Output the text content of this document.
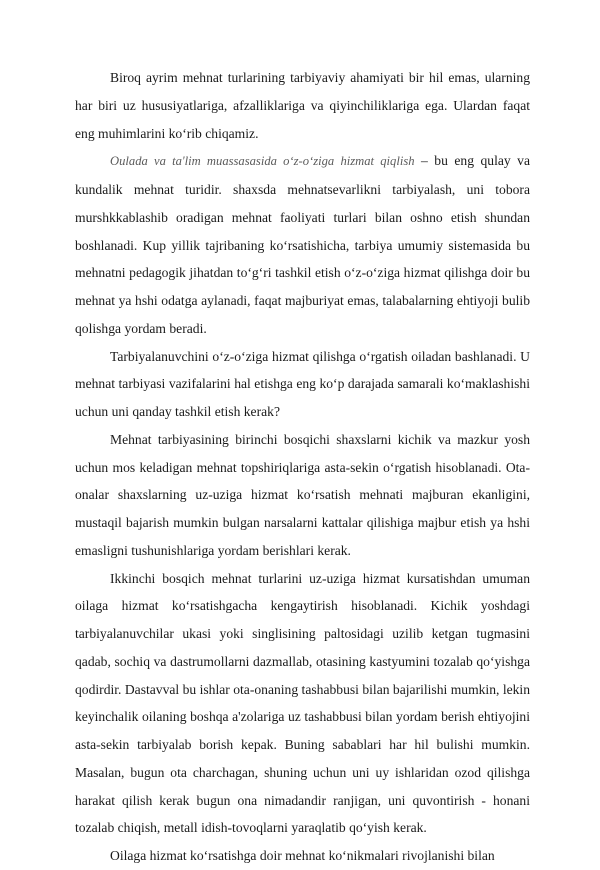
Biroq ayrim mehnat turlarining tarbiyaviy ahamiyati bir hil emas, ularning har biri uz hususiyatlariga, afzalliklariga va qiyinchiliklariga ega. Ulardan faqat eng muhimlarini ko‘rib chiqamiz.

Oulada va ta'lim muassasasida o‘z-o‘ziga hizmat qiqlish – bu eng qulay va kundalik mehnat turidir. shaxsda mehnatsevarlikni tarbiyalash, uni tobora murshkkablashib oradigan mehnat faoliyati turlari bilan oshno etish shundan boshlanadi. Kup yillik tajribaning ko‘rsatishicha, tarbiya umumiy sistemasida bu mehnatni pedagogik jihatdan to‘g‘ri tashkil etish o‘z-o‘ziga hizmat qilishga doir bu mehnat ya hshi odatga aylanadi, faqat majburiyat emas, talabalarning ehtiyoji bulib qolishga yordam beradi.

Tarbiyalanuvchini o‘z-o‘ziga hizmat qilishga o‘rgatish oiladan bashlanadi. U mehnat tarbiyasi vazifalarini hal etishga eng ko‘p darajada samarali ko‘maklashishi uchun uni qanday tashkil etish kerak?

Mehnat tarbiyasining birinchi bosqichi shaxslarni kichik va mazkur yosh uchun mos keladigan mehnat topshiriqlariga asta-sekin o‘rgatish hisoblanadi. Ota-onalar shaxslarning uz-uziga hizmat ko‘rsatish mehnati majburan ekanligini, mustaqil bajarish mumkin bulgan narsalarni kattalar qilishiga majbur etish ya hshi emasligni tushunishlariga yordam berishlari kerak.

Ikkinchi bosqich mehnat turlarini uz-uziga hizmat kursatishdan umuman oilaga hizmat ko‘rsatishgacha kengaytirish hisoblanadi. Kichik yoshdagi tarbiyalanuvchilar ukasi yoki singlisining paltosidagi uzilib ketgan tugmasini qadab, sochiq va dastrumollarni dazmallab, otasining kastyumini tozalab qo‘yishga qodirdir. Dastavval bu ishlar ota-onaning tashabbusi bilan bajarilishi mumkin, lekin keyinchalik oilaning boshqa a'zolariga uz tashabbusi bilan yordam berish ehtiyojini asta-sekin tarbiyalab borish kepak. Buning sabablari har hil bulishi mumkin. Masalan, bugun ota charchagan, shuning uchun uni uy ishlaridan ozod qilishga harakat qilish kerak bugun ona nimadandir ranjigan, uni quvontirish - honani tozalab chiqish, metall idish-tovoqlarni yaraqlatib qo‘yish kerak.

Oilaga hizmat ko‘rsatishga doir mehnat ko‘nikmalari rivojlanishi bilan
